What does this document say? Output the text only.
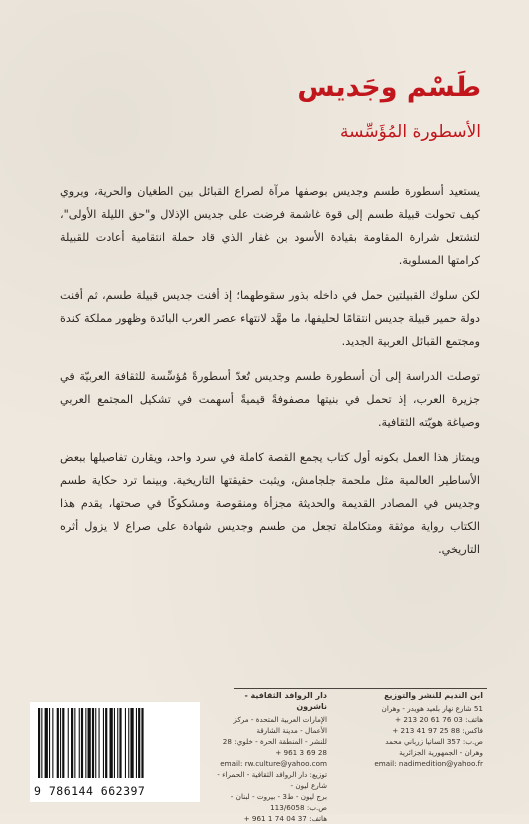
طَسْم وجَديس
الأسطورة المُؤَسِّسة

يستعيد أسطورة طسم وجديس بوصفها مرآة لصراع القبائل بين الطغيان والحرية، ويروي كيف تحولت قبيلة طسم إلى قوة غاشمة فرضت على جديس الإذلال و"حق الليلة الأولى"، لتشتعل شرارة المقاومة بقيادة الأسود بن غفار الذي قاد حملة انتقامية أعادت للقبيلة كرامتها المسلوبة.

لكن سلوك القبيلتين حمل في داخله بذور سقوطهما؛ إذ أفنت جديس قبيلة طسم، ثم أفنت دولة حمير قبيلة جديس انتقامًا لحليفها، ما مهَّد لانتهاء عصر العرب البائدة وظهور مملكة كندة ومجتمع القبائل العربية الجديد.

توصلت الدراسة إلى أن أسطورة طسم وجديس تُعدّ أسطورةً مُؤسِّسة للثقافة العربيّة في جزيرة العرب، إذ تحمل في بنيتها مصفوفةً قيميةً أسهمت في تشكيل المجتمع العربي وصياغة هويّته الثقافية.

ويمتاز هذا العمل بكونه أول كتاب يجمع القصة كاملة في سرد واحد، ويقارن تفاصيلها ببعض الأساطير العالمية مثل ملحمة جلجامش، ويثبت حقيقتها التاريخية. وبينما ترد حكاية طسم وجديس في المصادر القديمة والحديثة مجزأة ومنقوصة ومشكوكًا في صحتها، يقدم هذا الكتاب رواية موثقة ومتكاملة تجعل من طسم وجديس شهادة على صراع لا يزول أثره التاريخي.

ابن النديم للنشر والتوزيع
51 شارع نهار بلعيد هويدر - وهران
هاتف: 03 76 61 20 213 +
فاكس: 88 25 97 41 213 +
ص.ب: 357 السانيا زرباني محمد
وهران - الجمهورية الجزائرية
email: nadimedition@yahoo.fr
دار الروافد الثقافية - ناشرون
الإمارات العربية المتحدة - مركز الأعمال - مدينة الشارقة
للنشر - المنطقة الحرة - خلوي: 28 28 69 3 961 +
email: rw.culture@yahoo.com
توزيع: دار الروافد الثقافية - الحمراء - شارع ليون -
برج ليون - ط3 - بيروت - لبنان - ص.ب: 113/6058
هاتف: 37 04 74 1 961 +
9 786144 662397
